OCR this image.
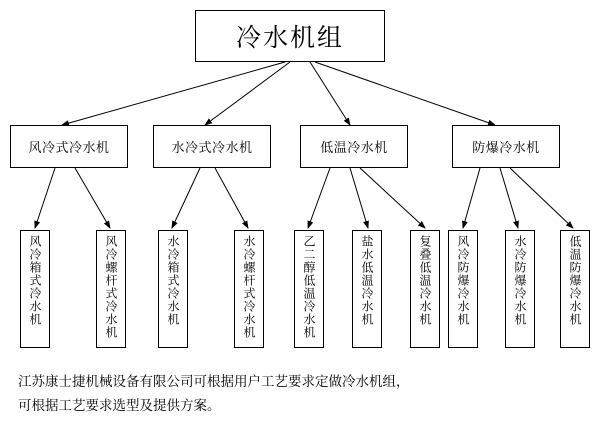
冷水机组
风冷式冷水机	水冷式冷水机	低温冷水机	防爆冷水机
风冷箱式冷水机	风冷螺杆式冷水机	水冷箱式冷水机	水冷螺杆式冷水机	乙二醇低温冷水机	盐水低温冷水机	复叠低温冷水机 风冷防爆冷水机	水冷防爆冷水机	低温防爆冷水机
江苏康士捷机械设备有限公司可根据用户工艺要求定做冷水机组，
可根据工艺要求选型及提供方案。
